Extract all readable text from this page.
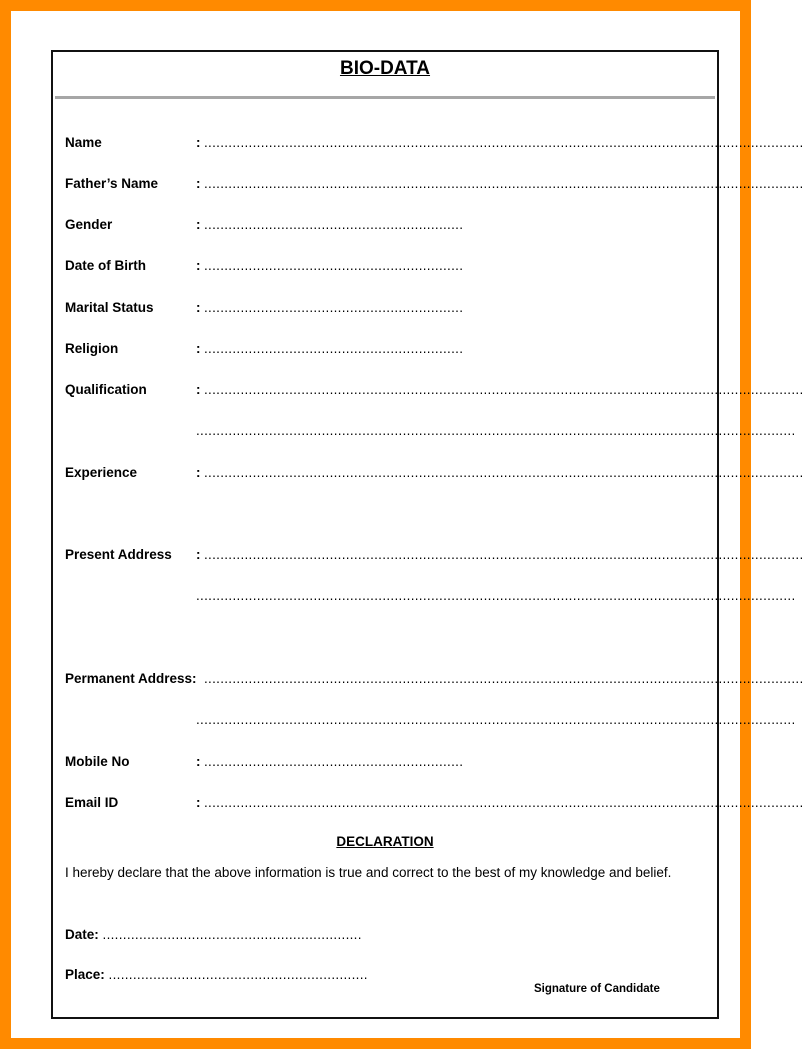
BIO-DATA
Name	: ....................................................................................................................................................
Father’s Name	: ....................................................................................................................................................
Gender	: ................................................................
Date of Birth	: ................................................................
Marital Status	: ................................................................
Religion	: ................................................................
Qualification	: ....................................................................................................................................................
....................................................................................................................................................
Experience	: ....................................................................................................................................................
Present Address : ....................................................................................................................................................
....................................................................................................................................................
Permanent Address: ....................................................................................................................................................
....................................................................................................................................................
Mobile No	: ................................................................
Email ID	: ....................................................................................................................................................
DECLARATION
I hereby declare that the above information is true and correct to the best of my knowledge and belief.
Date: ................................................................
Place: ................................................................
Signature of Candidate
